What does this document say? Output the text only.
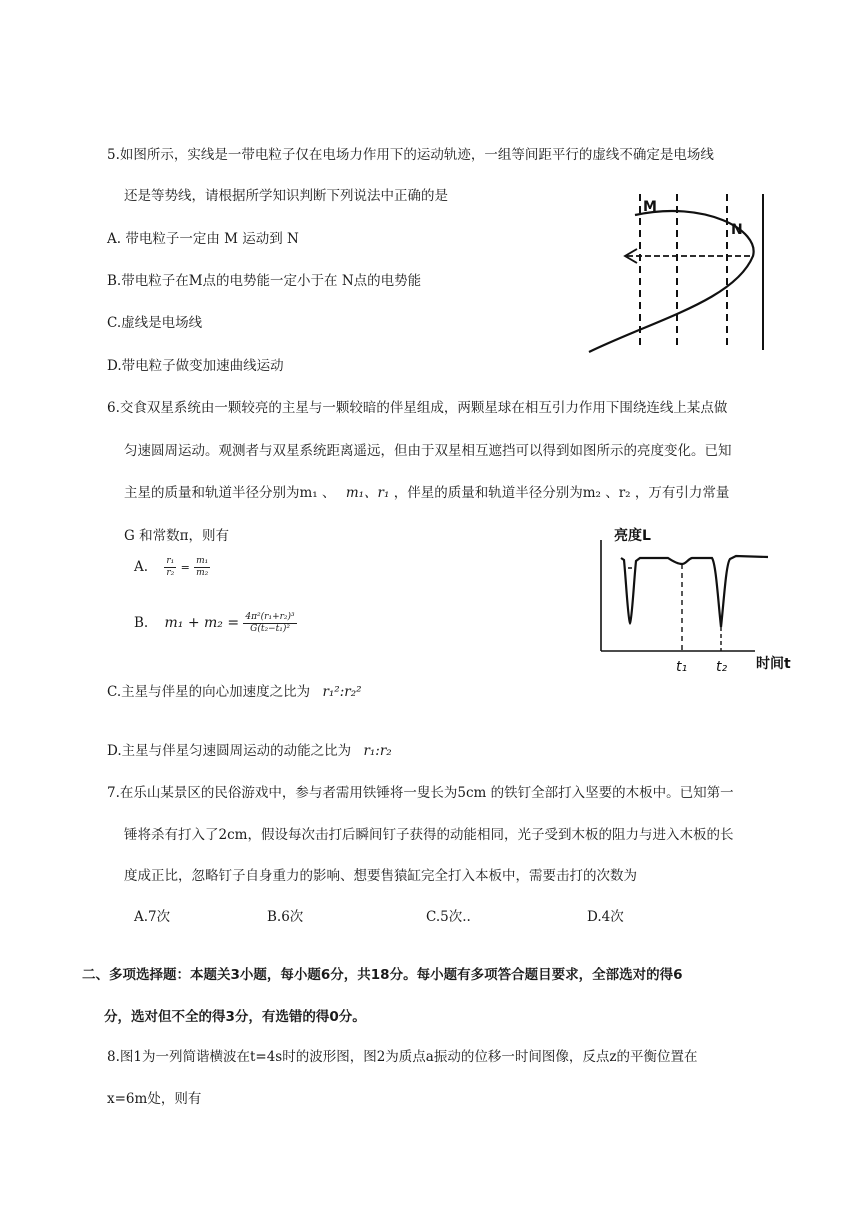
5.如图所示，实线是一带电粒子仅在电场力作用下的运动轨迹，一组等间距平行的虚线不确定是电场线
还是等势线，请根据所学知识判断下列说法中正确的是
A. 带电粒子一定由 M 运动到 N
B.带电粒子在M点的电势能一定小于在 N点的电势能
C.虚线是电场线
D.带电粒子做变加速曲线运动
M
N
6.交食双星系统由一颗较亮的主星与一颗较暗的伴星组成，两颗星球在相互引力作用下围绕连线上某点做
匀速圆周运动。观测者与双星系统距离遥远，但由于双星相互遮挡可以得到如图所示的亮度变化。已知
主星的质量和轨道半径分别为m₁ 、 m₁、r₁ ，伴星的质量和轨道半径分别为m₂ 、r₂ ，万有引力常量
G 和常数π，则有
A. $\frac{\text{r₁}}{\text{r₂}} = \frac{\text{m₁}}{\text{m₂}}$
B. $m_1 + m_2 = \frac{\text{4π²(r₁+r₂)³}}{\text{G(t₂−t₁)²}}$
C.主星与伴星的向心加速度之比为 r₁²:r₂²
D.主星与伴星匀速圆周运动的动能之比为 r₁:r₂
亮度L
t₁ t₂ 时间t
7.在乐山某景区的民俗游戏中，参与者需用铁锤将一叟长为5cm 的铁钉全部打入坚要的木板中。已知第一
锤将杀有打入了2cm，假设每次击打后瞬间钉子获得的动能相同，光子受到木板的阻力与进入木板的长
度成正比，忽略钉子自身重力的影响、想要售猿缸完全打入本板中，需要击打的次数为
A.7次	B.6次	C.5次..	D.4次
二、多项选择题：本题关3小题，每小题6分，共18分。每小题有多项答合题目要求，全部选对的得6
分，选对但不全的得3分，有选错的得0分。
8.图1为一列简谐横波在t=4s时的波形图，图2为质点a振动的位移一时间图像，反点z的平衡位置在
x=6m处，则有
